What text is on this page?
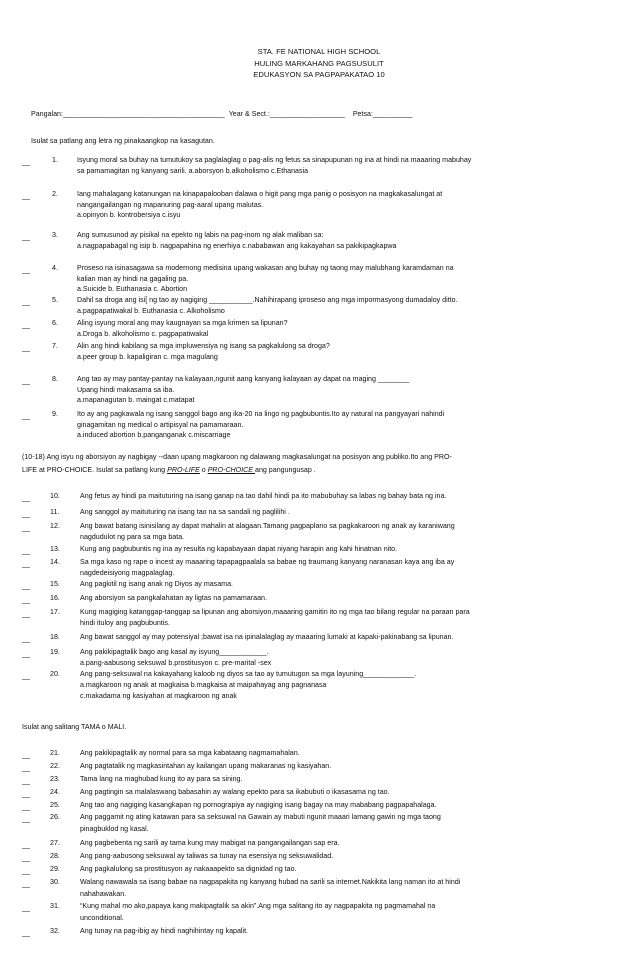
STA. FE NATIONAL HIGH SCHOOL
HULING MARKAHANG PAGSUSULIT
EDUKASYON SA PAGPAPAKATAO 10
Pangalan:_________________________________________ Year & Sect.:___________________ Petsa:__________
Isulat sa patlang ang letra ng pinakaangkop na kasagutan.
__	1.	Isyung moral sa buhay na tumutukoy sa paglalaglag o pag-alis ng fetus sa sinapupunan ng ina at hindi na maaaring mabuhay
sa pamamagitan ng kanyang sarili. a.aborsyon b.alkoholismo c.Ethanasia
__	2.	Iang mahalagang katanungan na kinapapalooban dalawa o higit pang mga panig o posisyon na magkakasalungat at
nangangailangan ng mapanuring pag-aaral upang malutas.
a.opinyon b. kontrobersiya c.isyu
__	3.	Ang sumusunod ay pisikal na epekto ng labis na pag-inom ng alak maliban sa:
a.nagpapabagal ng isip b. nagpapahina ng enerhiya c.nababawan ang kakayahan sa pakikipagkapwa
__	4.	Proseso na isinasagawa sa modernong medisina upang wakasan ang buhay ng taong may malubhang karamdaman na
kalian man ay hindi na gagaling pa.
a.Suicide b. Euthanasia c. Abortion
__	5.	Dahil sa droga ang isi[ ng tao ay nagiging ___________.Nahihirapang iproseso ang mga impormasyong dumadaloy ditto.
a.pagpapatiwakal b. Euthanasia c. Alkoholismo
__	6.	Aling isyung moral ang may kaugnayan sa mga krimen sa lipunan?
a.Droga b. alkoholismo c. pagpapatiwakal
__	7.	Alin ang hindi kabilang sa mga impluwensiya ng isang sa pagkalulong sa droga?
a.peer group b. kapaligiran c. mga magulang
__	8.	Ang tao ay may pantay-pantay na kalayaan,ngunit aang kanyang kalayaan ay dapat na maging ________
Upang hindi makasama sa iba.
a.mapanagutan b. maingat c.matapat
__	9.	Ito ay ang pagkawala ng isang sanggol bago ang ika-20 na lingo ng pagbubuntis.Ito ay natural na pangyayari nahindi
ginagamitan ng medical o artipisyal na pamamaraan.
a.induced abortion b.panganganak c.miscarriage
(10-18) Ang isyu ng aborsiyon ay nagbigay --daan upang magkaroon ng dalawang magkasalungat na posisyon ang publiko.Ito ang PRO-
LIFE at PRO-CHOICE. Isulat sa patlang kung PRO-LIFE o PRO-CHOICE ang pangungusap .
__	10.	Ang fetus ay hindi pa maituturing na isang ganap na tao dahil hindi pa ito mabubuhay sa labas ng bahay bata ng ina.
__	11.	Ang sanggol ay maituturing na isang tao na sa sandali ng paglilihi .
__	12.	Ang bawat batang isinisilang ay dapat mahalin at alagaan.Tamang pagpaplano sa pagkakaroon ng anak ay karaniwang
nagdudulot ng para sa mga bata.
__	13.	Kung ang pagbubuntis ng ina ay resulta ng kapabayaan dapat niyang harapin ang kahi hinatnan nito.
__	14.	Sa mga kaso ng rape o incest ay maaaring tapapagpaalala sa babae ng traumang kanyang naranasan kaya ang iba ay
nagdedeisiyong magpalaglag.
__	15.	Ang pagkitil ng isang anak ng Diyos ay masama.
__	16.	Ang aborsiyon sa pangkalahatan ay ligtas na pamamaraan.
__	17.	Kung magiging katanggap-tanggap sa lipunan ang aborsiyon,maaaring gamitin ito ng mga tao bilang regular na paraan para
hindi ituloy ang pagbubuntis.
__	18.	Ang bawat sanggol ay may potensiyal ;bawat isa na ipinalalaglag ay maaaring lumaki at kapaki-pakinabang sa lipunan.
__	19.	Ang pakikipagtalik bago ang kasal ay isyung____________.
a.pang-aabusong seksuwal b.prostitusyon c. pre-marital -sex
__	20.	Ang pang-seksuwal na kakayahang kaloob ng diyos sa tao ay tumutugon sa mga layuning_____________.
a.magkaroon ng anak at magkaisa b.magkaisa at maipahayag ang pagnanasa
c.makadama ng kasiyahan at magkaroon ng anak
Isulat ang salitang TAMA o MALI.
__	21.	Ang pakikipagtalik ay normal para sa mga kabataang nagmamahalan.
__	22.	Ang pagtatalik ng magkasintahan ay kailangan upang makaranas ng kasiyahan.
__	23.	Tama lang na maghubad kung ito ay para sa sining.
__	24.	Ang pagtingin sa malalaswang babasahin ay walang epekto para sa ikabubuti o ikasasama ng tao.
__	25.	Ang tao ang nagiging kasangkapan ng pornograpiya ay nagiging isang bagay na may mababang pagpapahalaga.
__	26.	Ang paggamit ng ating katawan para sa seksuwal na Gawain ay mabuti ngunit maaari lamang gawin ng mga taong
pinagbuklod ng kasal.
__	27.	Ang pagbebenta ng sarili ay tama kung may mabigat na pangangailangan sap era.
__	28.	Ang pang-aabusong seksuwal ay taliwas sa tunay na esensiya ng seksuwalidad.
__	29.	Ang pagkalulong sa prostitusyon ay nakaaapekto sa dignidad ng tao.
__	30.	Walang nawawala sa isang babae na nagpapakita ng kanyang hubad na sarili sa internet.Nakikita lang naman ito at hindi
nahahawakan.
__	31.	“Kung mahal mo ako,papaya kang makipagtalik sa akin”.Ang mga salitang ito ay nagpapakita ng pagmamahal na
unconditional.
__	32.	Ang tunay na pag-ibig ay hindi naghihintay ng kapalit.
